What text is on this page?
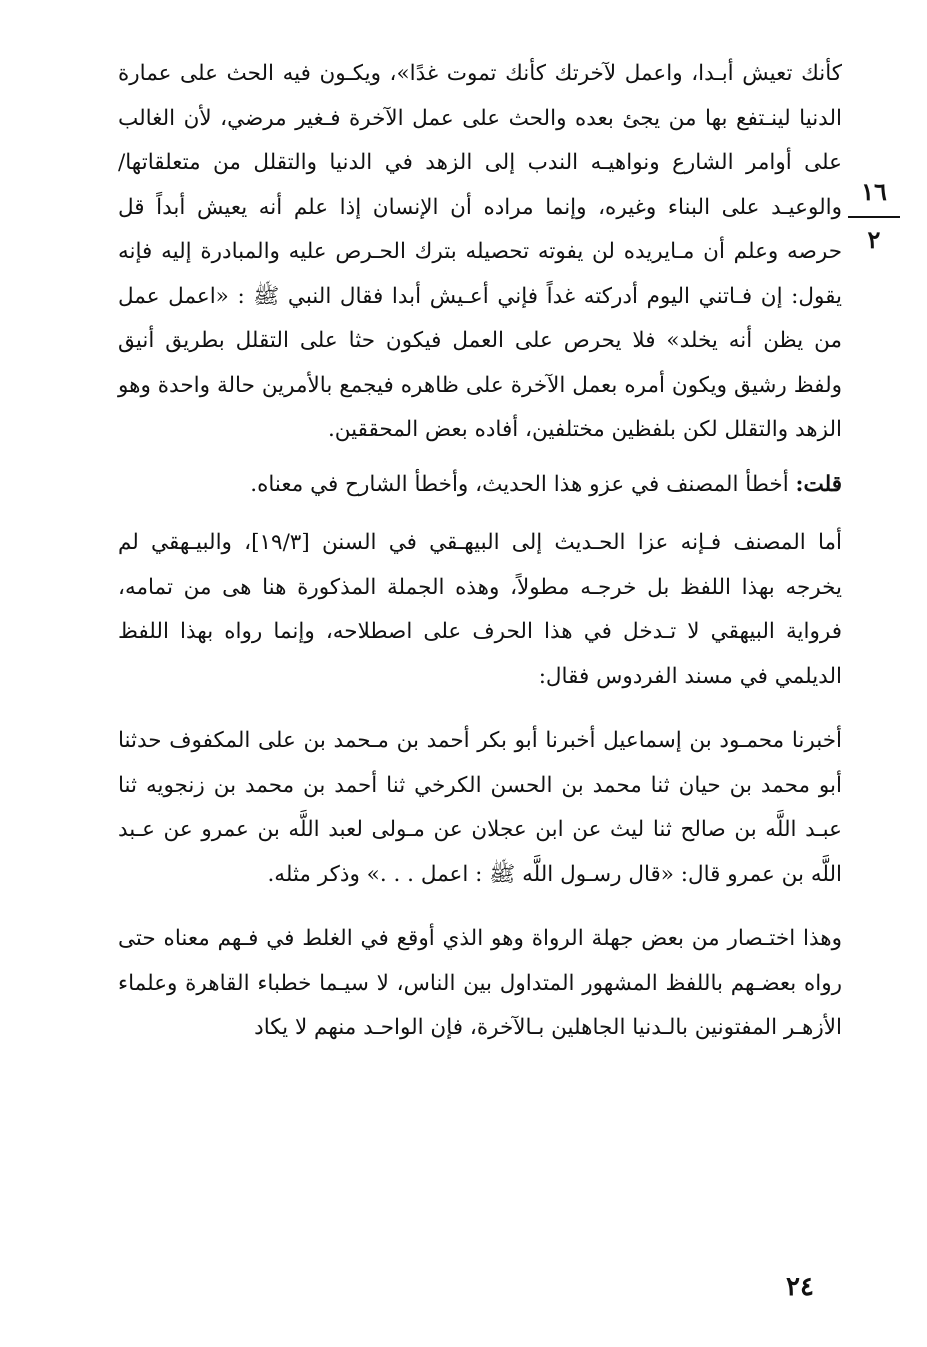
١٦
٢

كأنك تعيش أبـدا، واعمل لآخرتك كأنك تموت غدًا»، ويكـون فيه الحث على عمارة الدنيا لينـتفع بها من يجئ بعده والحث على عمل الآخرة فـغير مرضي، لأن الغالب على أوامر الشارع ونواهيـه الندب إلى الزهد في الدنيا والتقلل من متعلقاتها/ والوعيـد على البناء وغيره، وإنما مراده أن الإنسان إذا علم أنه يعيش أبداً قل حرصه وعلم أن مـايريده لن يفوته تحصيله بترك الحـرص عليه والمبادرة إليه فإنه يقول: إن فـاتني اليوم أدركته غداً فإني أعـيش أبدا فقال النبي ﷺ : «اعمل عمل من يظن أنه يخلد» فلا يحرص على العمل فيكون حثا على التقلل بطريق أنيق ولفظ رشيق ويكون أمره بعمل الآخرة على ظاهره فيجمع بالأمرين حالة واحدة وهو الزهد والتقلل لكن بلفظين مختلفين، أفاده بعض المحققين.

قلت: أخطأ المصنف في عزو هذا الحديث، وأخطأ الشارح في معناه.

أما المصنف فـإنه عزا الحـديث إلى البيهـقي في السنن [١٩/٣]، والبيـهقي لم يخرجه بهذا اللفظ بل خرجـه مطولاً، وهذه الجملة المذكورة هنا هى من تمامه، فرواية البيهقي لا تـدخل في هذا الحرف على اصطلاحه، وإنما رواه بهذا اللفظ الديلمي في مسند الفردوس فقال:

أخبرنا محمـود بن إسماعيل أخبرنا أبو بكر أحمد بن مـحمد بن على المكفوف حدثنا أبو محمد بن حيان ثنا محمد بن الحسن الكرخي ثنا أحمد بن محمد بن زنجويه ثنا عبـد اللَّه بن صالح ثنا ليث عن ابن عجلان عن مـولى لعبد اللَّه بن عمرو عن عـبد اللَّه بن عمرو قال: «قال رسـول اللَّه ﷺ : اعمل . . .» وذكر مثله.

وهذا اختـصار من بعض جهلة الرواة وهو الذي أوقع في الغلط في فـهم معناه حتى رواه بعضـهم باللفظ المشهور المتداول بين الناس، لا سيـما خطباء القاهرة وعلماء الأزهـر المفتونين بالـدنيا الجاهلين بـالآخرة، فإن الواحـد منهم لا يكاد

٢٤
